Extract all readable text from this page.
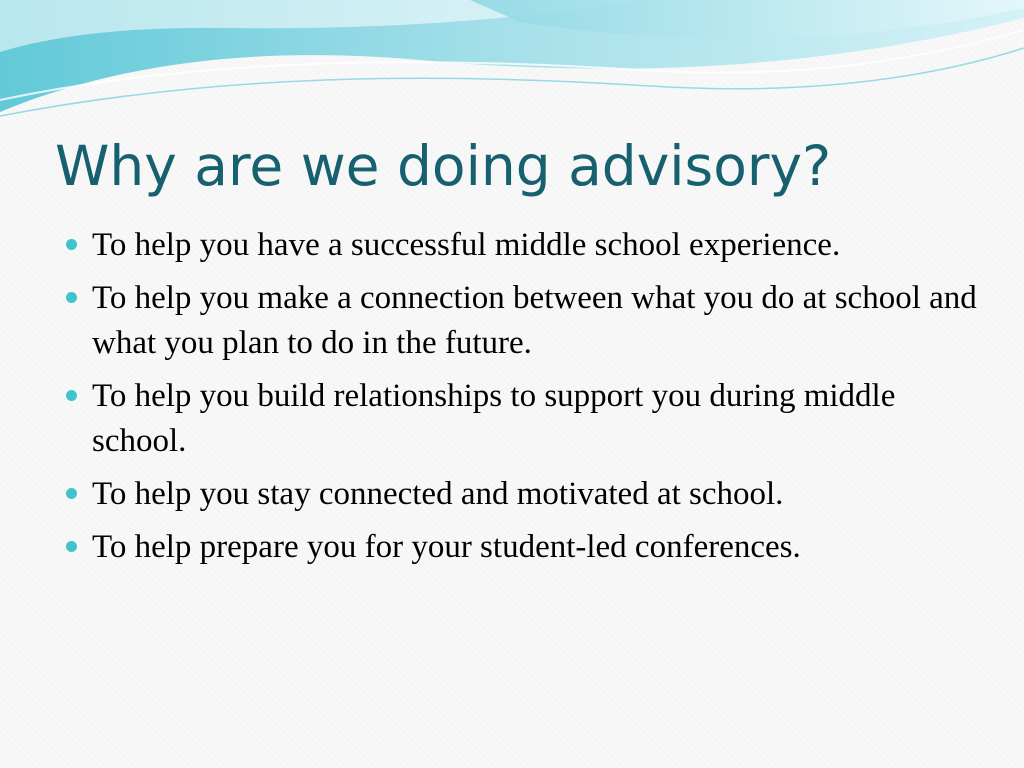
Why are we doing advisory?
To help you have a successful middle school experience.
To help you make a connection between what you do at school and what you plan to do in the future.
To help you build relationships to support you during middle school.
To help you stay connected and motivated at school.
To help prepare you for your student-led conferences.
